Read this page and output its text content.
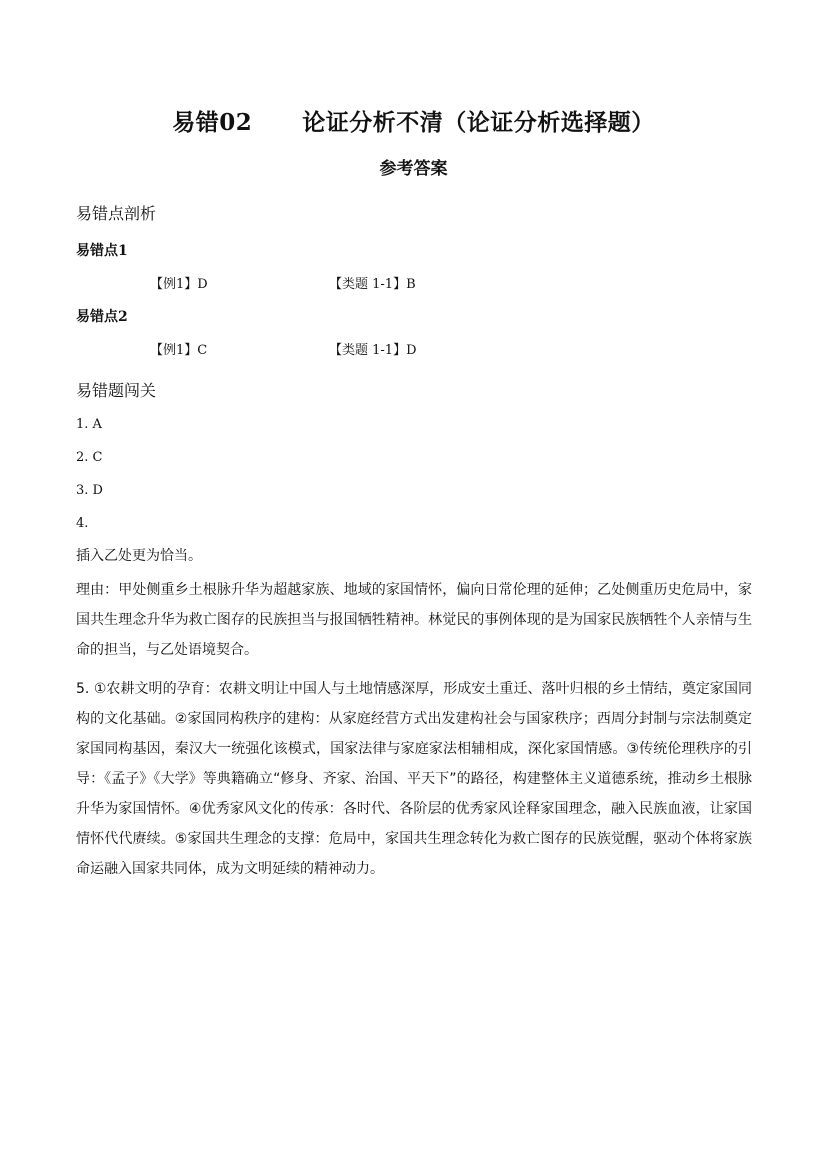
易错02 论证分析不清（论证分析选择题）
参考答案
易错点剖析
易错点1
【例1】D	【类题 1-1】B
易错点2
【例1】C	【类题 1-1】D
易错题闯关
1. A
2. C
3. D
4.
插入乙处更为恰当。
理由：甲处侧重乡土根脉升华为超越家族、地域的家国情怀，偏向日常伦理的延伸；乙处侧重历史危局中，家国共生理念升华为救亡图存的民族担当与报国牺牲精神。林觉民的事例体现的是为国家民族牺牲个人亲情与生命的担当，与乙处语境契合。
5. ①农耕文明的孕育：农耕文明让中国人与土地情感深厚，形成安土重迁、落叶归根的乡土情结，奠定家国同构的文化基础。②家国同构秩序的建构：从家庭经营方式出发建构社会与国家秩序；西周分封制与宗法制奠定家国同构基因，秦汉大一统强化该模式，国家法律与家庭家法相辅相成，深化家国情感。③传统伦理秩序的引导：《孟子》《大学》等典籍确立“修身、齐家、治国、平天下”的路径，构建整体主义道德系统，推动乡土根脉升华为家国情怀。④优秀家风文化的传承：各时代、各阶层的优秀家风诠释家国理念，融入民族血液，让家国情怀代代赓续。⑤家国共生理念的支撑：危局中，家国共生理念转化为救亡图存的民族觉醒，驱动个体将家族命运融入国家共同体，成为文明延续的精神动力。
